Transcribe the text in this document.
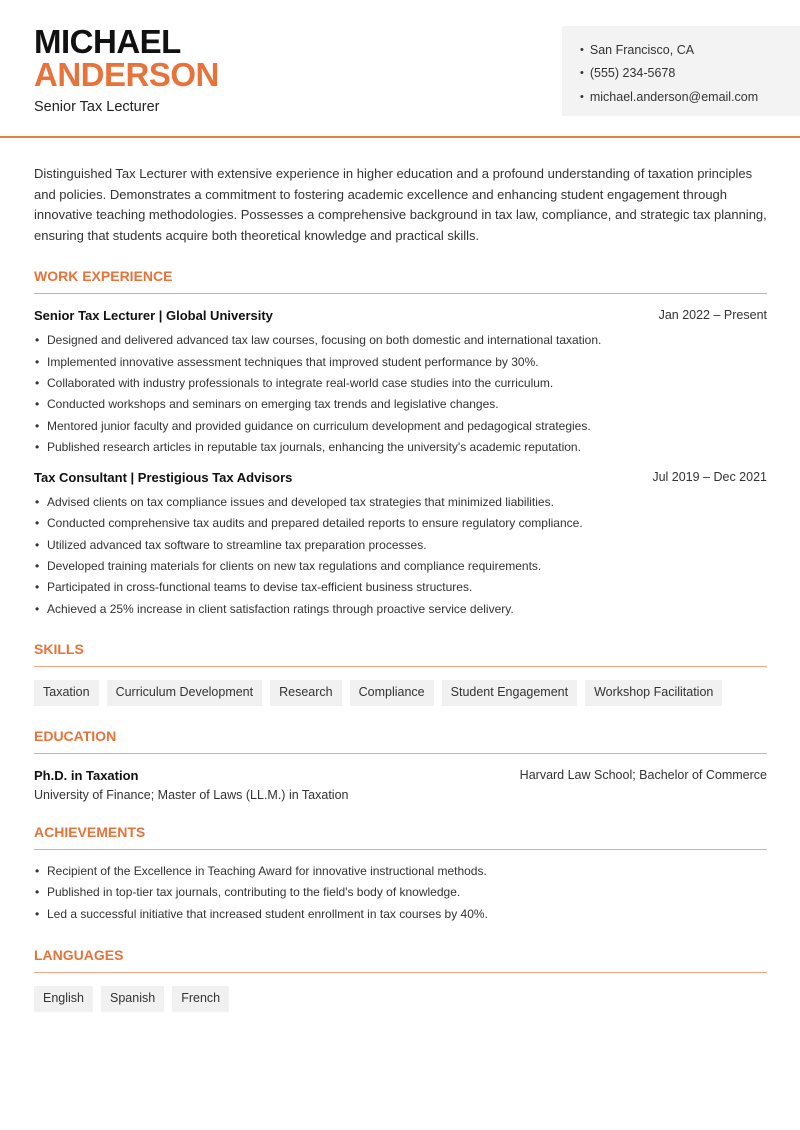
MICHAEL
ANDERSON
Senior Tax Lecturer
• San Francisco, CA
• (555) 234-5678
• michael.anderson@email.com

Distinguished Tax Lecturer with extensive experience in higher education and a profound understanding of taxation principles and policies. Demonstrates a commitment to fostering academic excellence and enhancing student engagement through innovative teaching methodologies. Possesses a comprehensive background in tax law, compliance, and strategic tax planning, ensuring that students acquire both theoretical knowledge and practical skills.

WORK EXPERIENCE
Senior Tax Lecturer | Global University	Jan 2022 – Present
• Designed and delivered advanced tax law courses, focusing on both domestic and international taxation.
• Implemented innovative assessment techniques that improved student performance by 30%.
• Collaborated with industry professionals to integrate real-world case studies into the curriculum.
• Conducted workshops and seminars on emerging tax trends and legislative changes.
• Mentored junior faculty and provided guidance on curriculum development and pedagogical strategies.
• Published research articles in reputable tax journals, enhancing the university's academic reputation.
Tax Consultant | Prestigious Tax Advisors	Jul 2019 – Dec 2021
• Advised clients on tax compliance issues and developed tax strategies that minimized liabilities.
• Conducted comprehensive tax audits and prepared detailed reports to ensure regulatory compliance.
• Utilized advanced tax software to streamline tax preparation processes.
• Developed training materials for clients on new tax regulations and compliance requirements.
• Participated in cross-functional teams to devise tax-efficient business structures.
• Achieved a 25% increase in client satisfaction ratings through proactive service delivery.
SKILLS
Taxation	Curriculum Development	Research	Compliance	Student Engagement	Workshop Facilitation
EDUCATION
Ph.D. in Taxation	Harvard Law School; Bachelor of Commerce
University of Finance; Master of Laws (LL.M.) in Taxation
ACHIEVEMENTS
• Recipient of the Excellence in Teaching Award for innovative instructional methods.
• Published in top-tier tax journals, contributing to the field's body of knowledge.
• Led a successful initiative that increased student enrollment in tax courses by 40%.
LANGUAGES
English	Spanish	French
